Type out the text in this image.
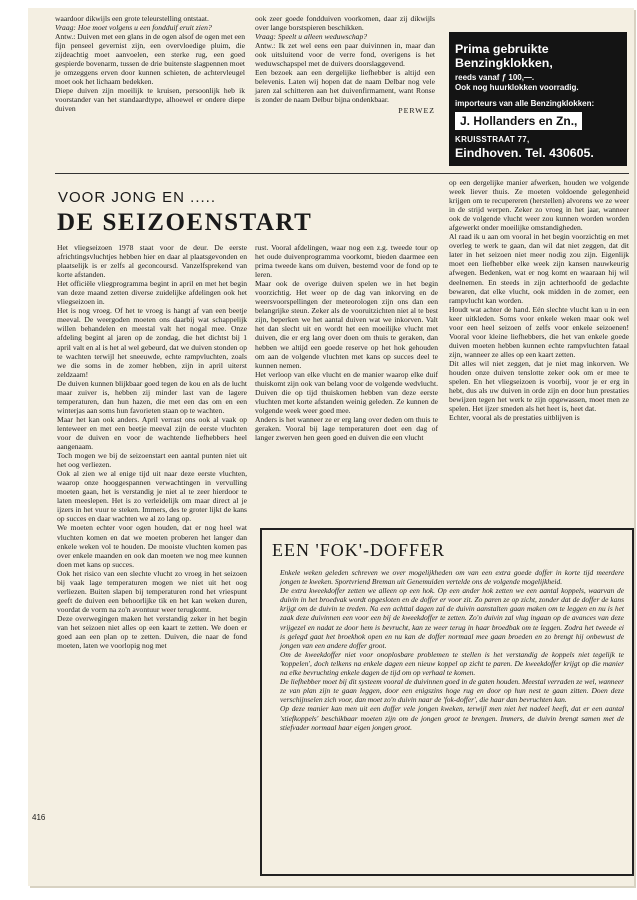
waardoor dikwijls een grote teleurstelling ontstaat.

Vraag: Hoe moet volgens u een fondduif eruit zien?

Antw.: Duiven met een glans in de ogen alsof de ogen met een fijn penseel gevernist zijn, een overvloedige pluim, die zijdeachtig moet aanvoelen, een sterke rug, een goed gespierde bovenarm, tussen de drie buitenste slagpennen moet je omzeggens erven door kunnen schieten, de achtervleugel moet ook het lichaam bedekken.

Diepe duiven zijn moeilijk te kruisen, persoonlijk heb ik voorstander van het standaardtype, alhoewel er ondere diepe duiven

ook zeer goede fondduiven voorkomen, daar zij dikwijls over lange borstspieren beschikken.

Vraag: Speelt u alleen weduwschap?

Antw.: Ik zet wel eens een paar duivinnen in, maar dan ook uitsluitend voor de verre fond, overigens is het weduwschapspel met de duivers doorslaggevend.

Een bezoek aan een dergelijke liefhebber is altijd een belevenis. Laten wij hopen dat de naam Delbar nog vele jaren zal schitteren aan het duivenfirmament, want Ronse is zonder de naam Delbur bijna ondenkbaar.

PERWEZ
Prima gebruikte
Benzingklokken,
reeds vanaf ƒ 100,—.
Ook nog huurklokken voorradig.
importeurs van alle Benzingklokken:
J. Hollanders en Zn.,
KRUISSTRAAT 77,
Eindhoven. Tel. 430605.
VOOR JONG EN .....
DE SEIZOENSTART

Het vliegseizoen 1978 staat voor de deur. De eerste africhtingsvluchtjes hebben hier en daar al plaatsgevonden en plaatselijk is er zelfs al geconcoursd. Vanzelfsprekend van korte afstanden.

Het officiële vliegprogramma begint in april en met het begin van deze maand zetten diverse zuidelijke afdelingen ook het vliegseizoen in.

Het is nog vroeg. Of het te vroeg is hangt af van een beetje meeval. De weergoden moeten ons daarbij wat schappelijk willen behandelen en meestal valt het nogal mee. Onze afdeling begint al jaren op de zondag, die het dichtst bij 1 april valt en al is het al wel gebeurd, dat we duiven stonden op te wachten terwijl het sneeuwde, echte rampvluchten, zoals we die soms in de zomer hebben, zijn in april uiterst zeldzaam!

De duiven kunnen blijkbaar goed tegen de kou en als de lucht maar zuiver is, hebben zij minder last van de lagere temperaturen, dan hun hazen, die met een das om en een winterjas aan soms hun favorieten staan op te wachten.

Maar het kan ook anders. April verrast ons ook al vaak op lenteweer en met een beetje meeval zijn de eerste vluchten voor de duiven en voor de wachtende liefhebbers heel aangenaam.

Toch mogen we bij de seizoenstart een aantal punten niet uit het oog verliezen.

Ook al zien we al enige tijd uit naar deze eerste vluchten, waarop onze hooggespannen verwachtingen in vervulling moeten gaan, het is verstandig je niet al te zeer hierdoor te laten meeslepen. Het is zo verleidelijk om maar direct al je ijzers in het vuur te steken. Immers, des te groter lijkt de kans op succes en daar wachten we al zo lang op.

We moeten echter voor ogen houden, dat er nog heel wat vluchten komen en dat we moeten proberen het langer dan enkele weken vol te houden. De mooiste vluchten komen pas over enkele maanden en ook dan moeten we nog mee kunnen doen met kans op succes.

Ook het risico van een slechte vlucht zo vroeg in het seizoen bij vaak lage temperaturen mogen we niet uit het oog verliezen. Buiten slapen bij temperaturen rond het vriespunt geeft de duiven een behoorlijke tik en het kan weken duren, voordat de vorm na zo'n avontuur weer terugkomt.

Deze overwegingen maken het verstandig zeker in het begin van het seizoen niet alles op een kaart te zetten. We doen er goed aan een plan op te zetten. Duiven, die naar de fond moeten, laten we voorlopig nog met

rust. Vooral afdelingen, waar nog een z.g. tweede tour op het oude duivenprogramma voorkomt, bieden daarmee een prima tweede kans om duiven, bestemd voor de fond op te leren.

Maar ook de overige duiven spelen we in het begin voorzichtig. Het weer op de dag van inkorving en de weersvoorspellingen der meteorologen zijn ons dan een belangrijke steun. Zeker als de vooruitzichten niet al te best zijn, beperken we het aantal duiven wat we inkorven. Valt het dan slecht uit en wordt het een moeilijke vlucht met duiven, die er erg lang over doen om thuis te geraken, dan hebben we altijd een goede reserve op het hok gehouden om aan de volgende vluchten met kans op succes deel te kunnen nemen.

Het verloop van elke vlucht en de manier waarop elke duif thuiskomt zijn ook van belang voor de volgende wedvlucht. Duiven die op tijd thuiskomen hebben van deze eerste vluchten met korte afstanden weinig geleden. Ze kunnen de volgende week weer goed mee.

Anders is het wanneer ze er erg lang over deden om thuis te geraken. Vooral bij lage temperaturen doet een dag of langer zwerven hen geen goed en duiven die een vlucht

op een dergelijke manier afwerken, houden we volgende week liever thuis. Ze moeten voldoende gelegenheid krijgen om te recupereren (herstellen) alvorens we ze weer in de strijd werpen. Zeker zo vroeg in het jaar, wanneer ook de volgende vlucht weer zou kunnen worden worden afgewerkt onder moeilijke omstandigheden.

Al raad ik u aan om vooral in het begin voorzichtig en met overleg te werk te gaan, dan wil dat niet zeggen, dat dit later in het seizoen niet meer nodig zou zijn. Eigenlijk moet een liefhebber elke week zijn kansen nauwkeurig afwegen. Bedenken, wat er nog komt en waaraan hij wil deelnemen. En steeds in zijn achterhoofd de gedachte bewaren, dat elke vlucht, ook midden in de zomer, een rampvlucht kan worden.

Houdt wat achter de hand. Eén slechte vlucht kan u in een keer uitkleden. Soms voor enkele weken maar ook wel voor een heel seizoen of zelfs voor enkele seizoenen! Vooral voor kleine liefhebbers, die het van enkele goede duiven moeten hebben kunnen echte rampvluchten fataal zijn, wanneer ze alles op een kaart zetten.

Dit alles wil niet zeggen, dat je niet mag inkorven. We houden onze duiven tenslotte zeker ook om er mee te spelen. En het vliegseizoen is voorbij, voor je er erg in hebt, dus als uw duiven in orde zijn en door hun prestaties bewijzen tegen het werk te zijn opgewassen, moet men ze spelen. Het ijzer smeden als het heet is, heet dat.

Echter, vooral als de prestaties uitblijven is

EEN 'FOK'-DOFFER

Enkele weken geleden schreven we over mogelijkheden om van een extra goede doffer in korte tijd meerdere jongen te kweken. Sportvriend Breman uit Genemuiden vertelde ons de volgende mogelijkheid.

De extra kweekdoffer zetten we alleen op een hok. Op een ander hok zetten we een aantal koppels, waarvan de duivin in het broedvak wordt opgesloten en de doffer er voor zit. Zo paren ze op zicht, zonder dat de doffer de kans krijgt om de duivin te treden. Na een achttal dagen zal de duivin aanstalten gaan maken om te leggen en nu is het zaak deze duivinnen een voor een bij de kweekdoffer te zetten. Zo'n duivin zal vlug ingaan op de avances van deze vrijgezel en nadat ze door hem is bevrucht, kan ze weer terug in haar broedbak om te leggen. Zodra het tweede ei is gelegd gaat het broekhok open en nu kan de doffer normaal mee gaan broeden en zo brengt hij onbewust de jongen van een andere doffer groot.

Om de kweekdoffer niet voor onoplosbare problemen te stellen is het verstandig de koppels niet tegelijk te 'koppelen', doch telkens na enkele dagen een nieuw koppel op zicht te paren. De kweekdoffer krijgt op die manier na elke bevruchting enkele dagen de tijd om op verhaal te komen.

De liefhebber moet bij dit systeem vooral de duivinnen goed in de gaten houden. Meestal verraden ze wel, wanneer ze van plan zijn te gaan leggen, door een enigszins hoge rug en door op hun nest te gaan zitten. Doen deze verschijnselen zich voor, dan moet zo'n duivin naar de 'fok-doffer', die haar dan bevruchten kan.

Op deze manier kan men uit een doffer vele jongen kweken, terwijl men niet het nadeel heeft, dat er een aantal 'stiefkoppels' beschikbaar moeten zijn om de jongen groot te brengen. Immers, de duivin brengt samen met de stiefvader normaal haar eigen jongen groot.

416
